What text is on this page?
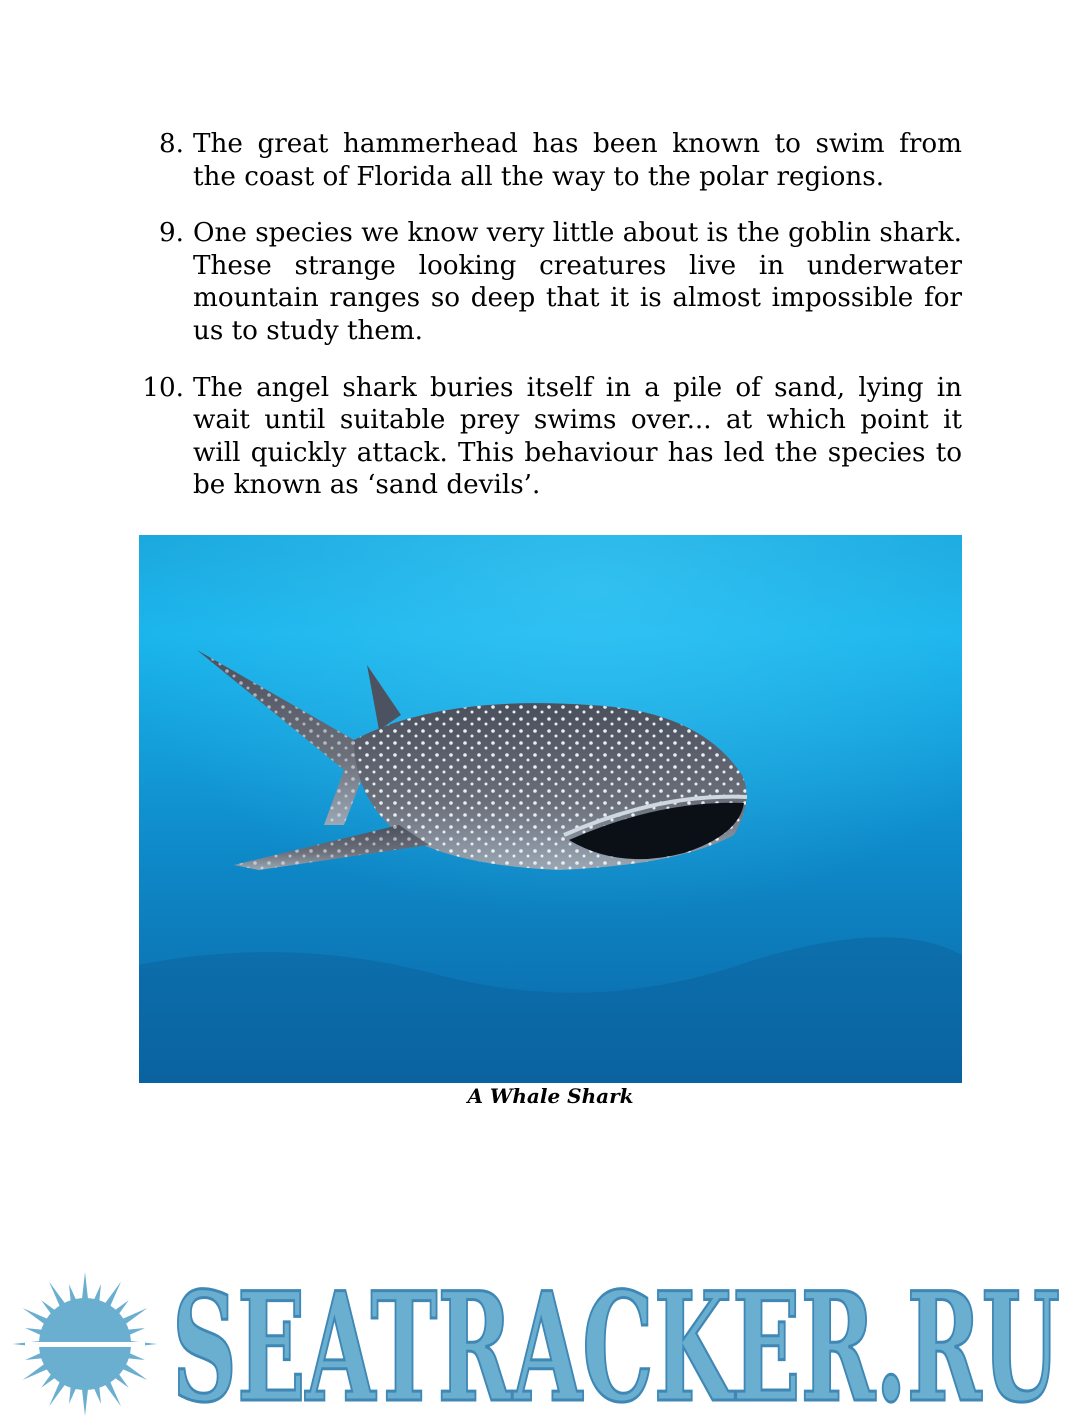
8. The great hammerhead has been known to swim from the coast of Florida all the way to the polar regions.
9. One species we know very little about is the goblin shark. These strange looking creatures live in underwater mountain ranges so deep that it is almost impossible for us to study them.
10. The angel shark buries itself in a pile of sand, lying in wait until suitable prey swims over... at which point it will quickly attack. This behaviour has led the species to be known as ‘sand devils’.
A Whale Shark
SEATRACKER.RU
